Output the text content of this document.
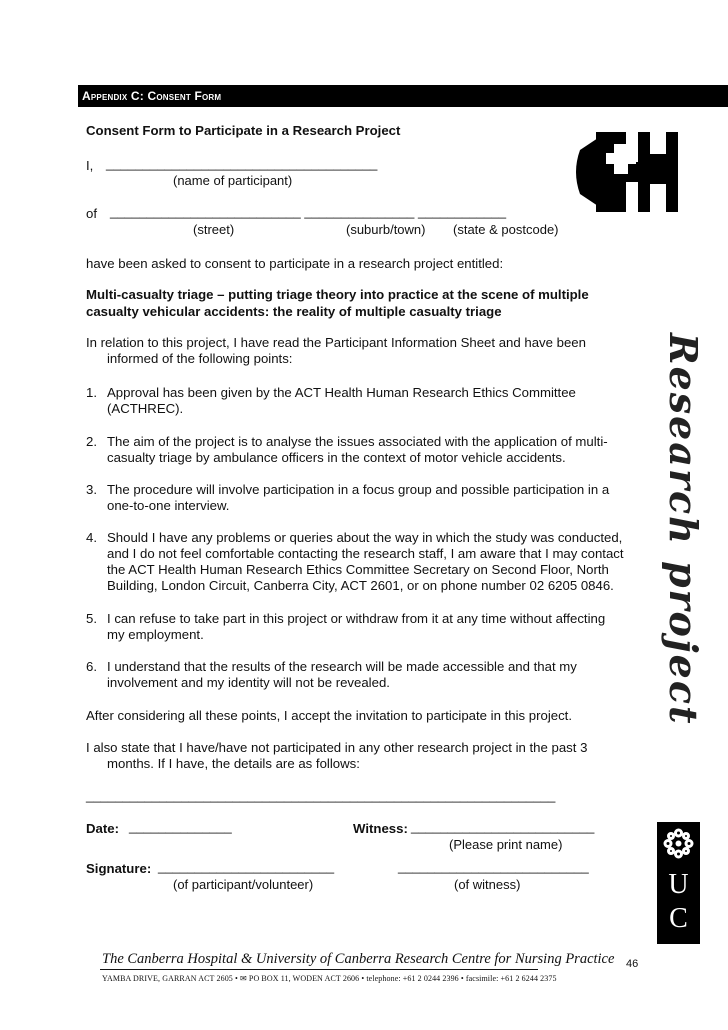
Appendix C: Consent Form
Consent Form to Participate in a Research Project
I, _____________________________________
(name of participant)
of __________________________ _______________ ____________
(street)	(suburb/town) (state & postcode)
have been asked to consent to participate in a research project entitled:
Multi-casualty triage – putting triage theory into practice at the scene of multiple
casualty vehicular accidents: the reality of multiple casualty triage
In relation to this project, I have read the Participant Information Sheet and have been
informed of the following points:
1. Approval has been given by the ACT Health Human Research Ethics Committee
(ACTHREC).
2. The aim of the project is to analyse the issues associated with the application of multi-
casualty triage by ambulance officers in the context of motor vehicle accidents.
3. The procedure will involve participation in a focus group and possible participation in a
one-to-one interview.
4. Should I have any problems or queries about the way in which the study was conducted,
and I do not feel comfortable contacting the research staff, I am aware that I may contact
the ACT Health Human Research Ethics Committee Secretary on Second Floor, North
Building, London Circuit, Canberra City, ACT 2601, or on phone number 02 6205 0846.
5. I can refuse to take part in this project or withdraw from it at any time without affecting
my employment.
6. I understand that the results of the research will be made accessible and that my
involvement and my identity will not be revealed.
After considering all these points, I accept the invitation to participate in this project.
I also state that I have/have not participated in any other research project in the past 3
months. If I have, the details are as follows:
________________________________________________________________
Date: ______________	Witness: _________________________
(Please print name)
Signature: ________________________	__________________________
(of participant/volunteer)	(of witness)
Research project
U
C
The Canberra Hospital & University of Canberra Research Centre for Nursing Practice
YAMBA DRIVE, GARRAN ACT 2605 • ✉ PO BOX 11, WODEN ACT 2606 • telephone: +61 2 0244 2396 • facsimile: +61 2 6244 2375
46
